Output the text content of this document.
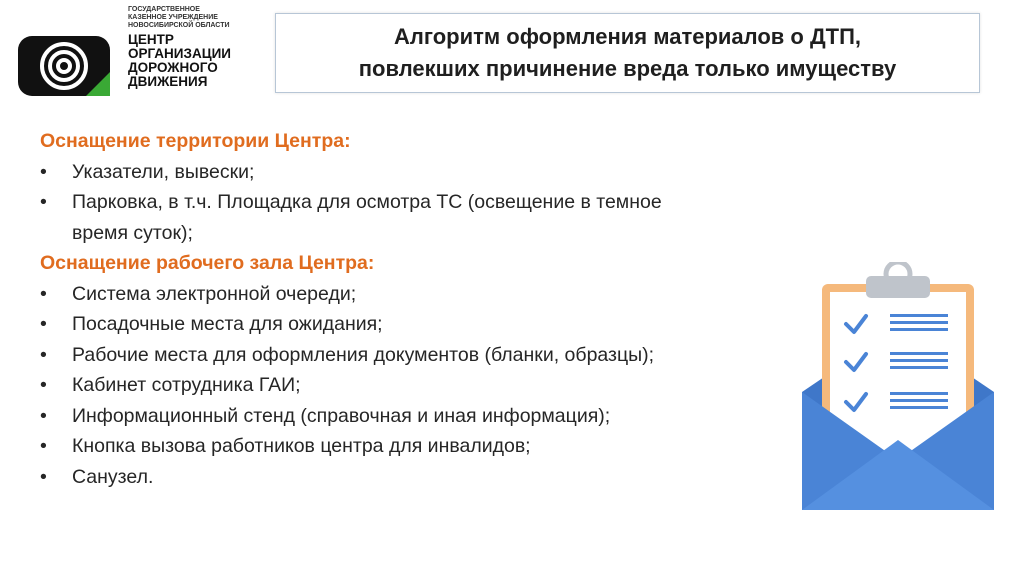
ГОСУДАРСТВЕННОЕ
КАЗЕННОЕ УЧРЕЖДЕНИЕ
НОВОСИБИРСКОЙ ОБЛАСТИ
ЦЕНТР
ОРГАНИЗАЦИИ
ДОРОЖНОГО
ДВИЖЕНИЯ
Алгоритм оформления материалов о ДТП,
повлекших причинение вреда только имуществу
Оснащение территории Центра:
• Указатели, вывески;
• Парковка, в т.ч. Площадка для осмотра ТС (освещение в темное время суток);
Оснащение рабочего зала Центра:
• Система электронной очереди;
• Посадочные места для ожидания;
• Рабочие места для оформления документов (бланки, образцы);
• Кабинет сотрудника ГАИ;
• Информационный стенд (справочная и иная информация);
• Кнопка вызова работников центра для инвалидов;
• Санузел.
